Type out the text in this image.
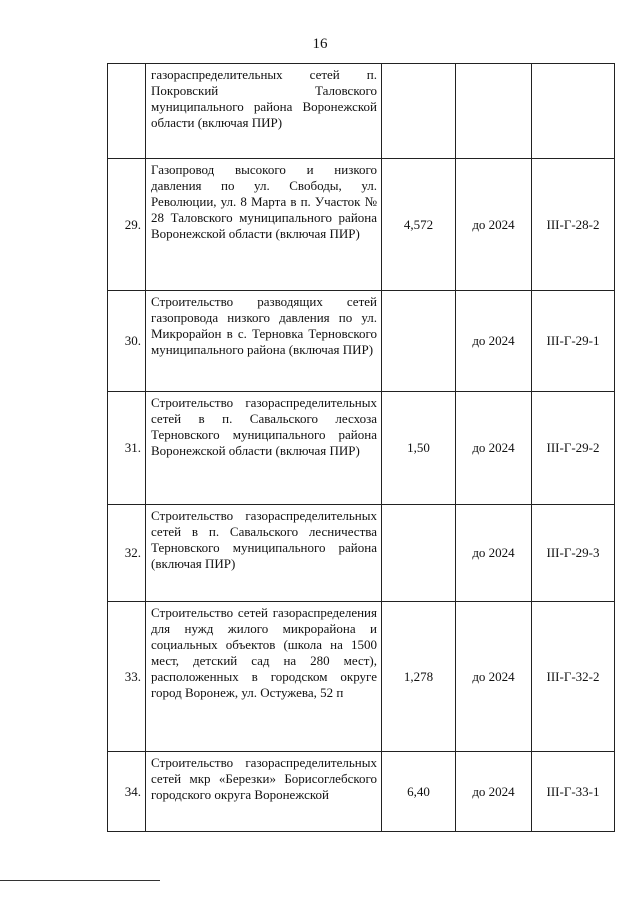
16
	газораспределительных сетей п. Покровский Таловского муниципального района Воронежской области (включая ПИР)			
29.	Газопровод высокого и низкого давления по ул. Свободы, ул. Революции, ул. 8 Марта в п. Участок № 28 Таловского муниципального района Воронежской области (включая ПИР)	4,572	до 2024	III-Г-28-2
30.	Строительство разводящих сетей газопровода низкого давления по ул. Микрорайон в с. Терновка Терновского муниципального района (включая ПИР)		до 2024	III-Г-29-1
31.	Строительство газораспределительных сетей в п. Савальского лесхоза Терновского муниципального района Воронежской области (включая ПИР)	1,50	до 2024	III-Г-29-2
32.	Строительство газораспределительных сетей в п. Савальского лесничества Терновского муниципального района (включая ПИР)		до 2024	III-Г-29-3
33.	Строительство сетей газораспределения для нужд жилого микрорайона и социальных объектов (школа на 1500 мест, детский сад на 280 мест), расположенных в городском округе город Воронеж, ул. Остужева, 52 п	1,278	до 2024	III-Г-32-2
34.	Строительство газораспределительных сетей мкр «Березки» Борисоглебского городского округа Воронежской	6,40	до 2024	III-Г-33-1
